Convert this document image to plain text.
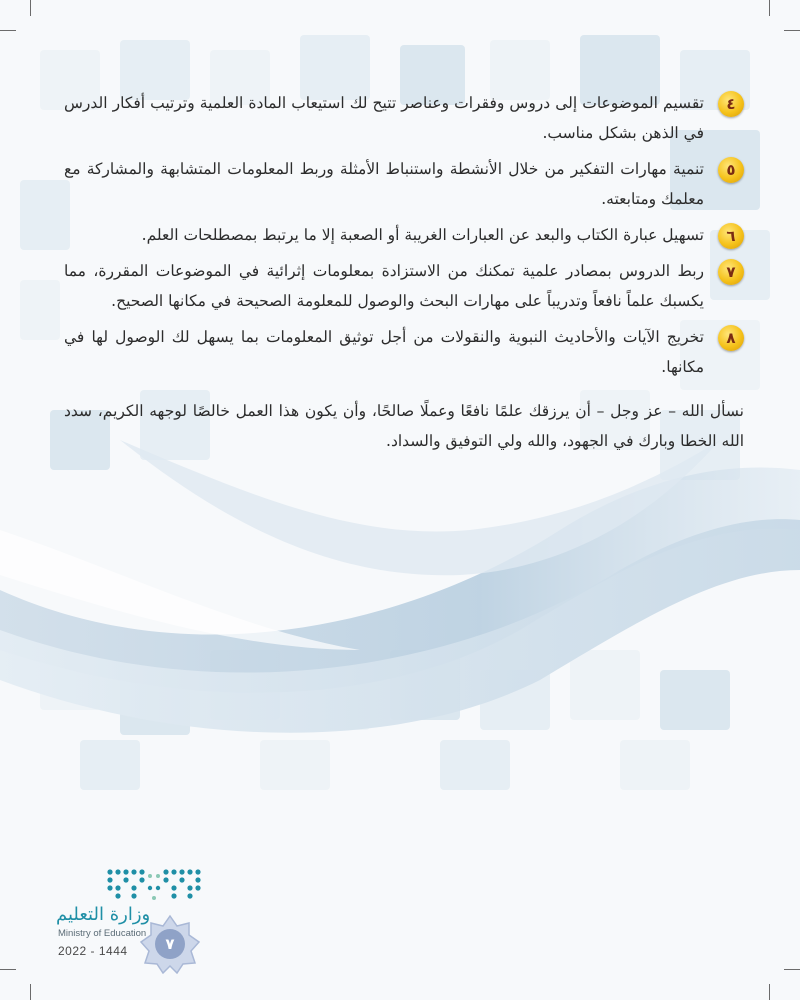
٤
تقسيم الموضوعات إلى دروس وفقرات وعناصر تتيح لك استيعاب المادة العلمية وترتيب أفكار الدرس في الذهن بشكل مناسب.
٥
تنمية مهارات التفكير من خلال الأنشطة واستنباط الأمثلة وربط المعلومات المتشابهة والمشاركة مع معلمك ومتابعته.
٦
تسهيل عبارة الكتاب والبعد عن العبارات الغريبة أو الصعبة إلا ما يرتبط بمصطلحات العلم.
٧
ربط الدروس بمصادر علمية تمكنك من الاستزادة بمعلومات إثرائية في الموضوعات المقررة، مما يكسبك علماً نافعاً وتدريباً على مهارات البحث والوصول للمعلومة الصحيحة في مكانها الصحيح.
٨
تخريج الآيات والأحاديث النبوية والنقولات من أجل توثيق المعلومات بما يسهل لك الوصول لها في مكانها.
نسأل الله – عز وجل – أن يرزقك علمًا نافعًا وعملًا صالحًا، وأن يكون هذا العمل خالصًا لوجهه الكريم، سدد الله الخطا وبارك في الجهود، والله ولي التوفيق والسداد.
وزارة التعليم
Ministry of Education
2022 - 1444	٧
